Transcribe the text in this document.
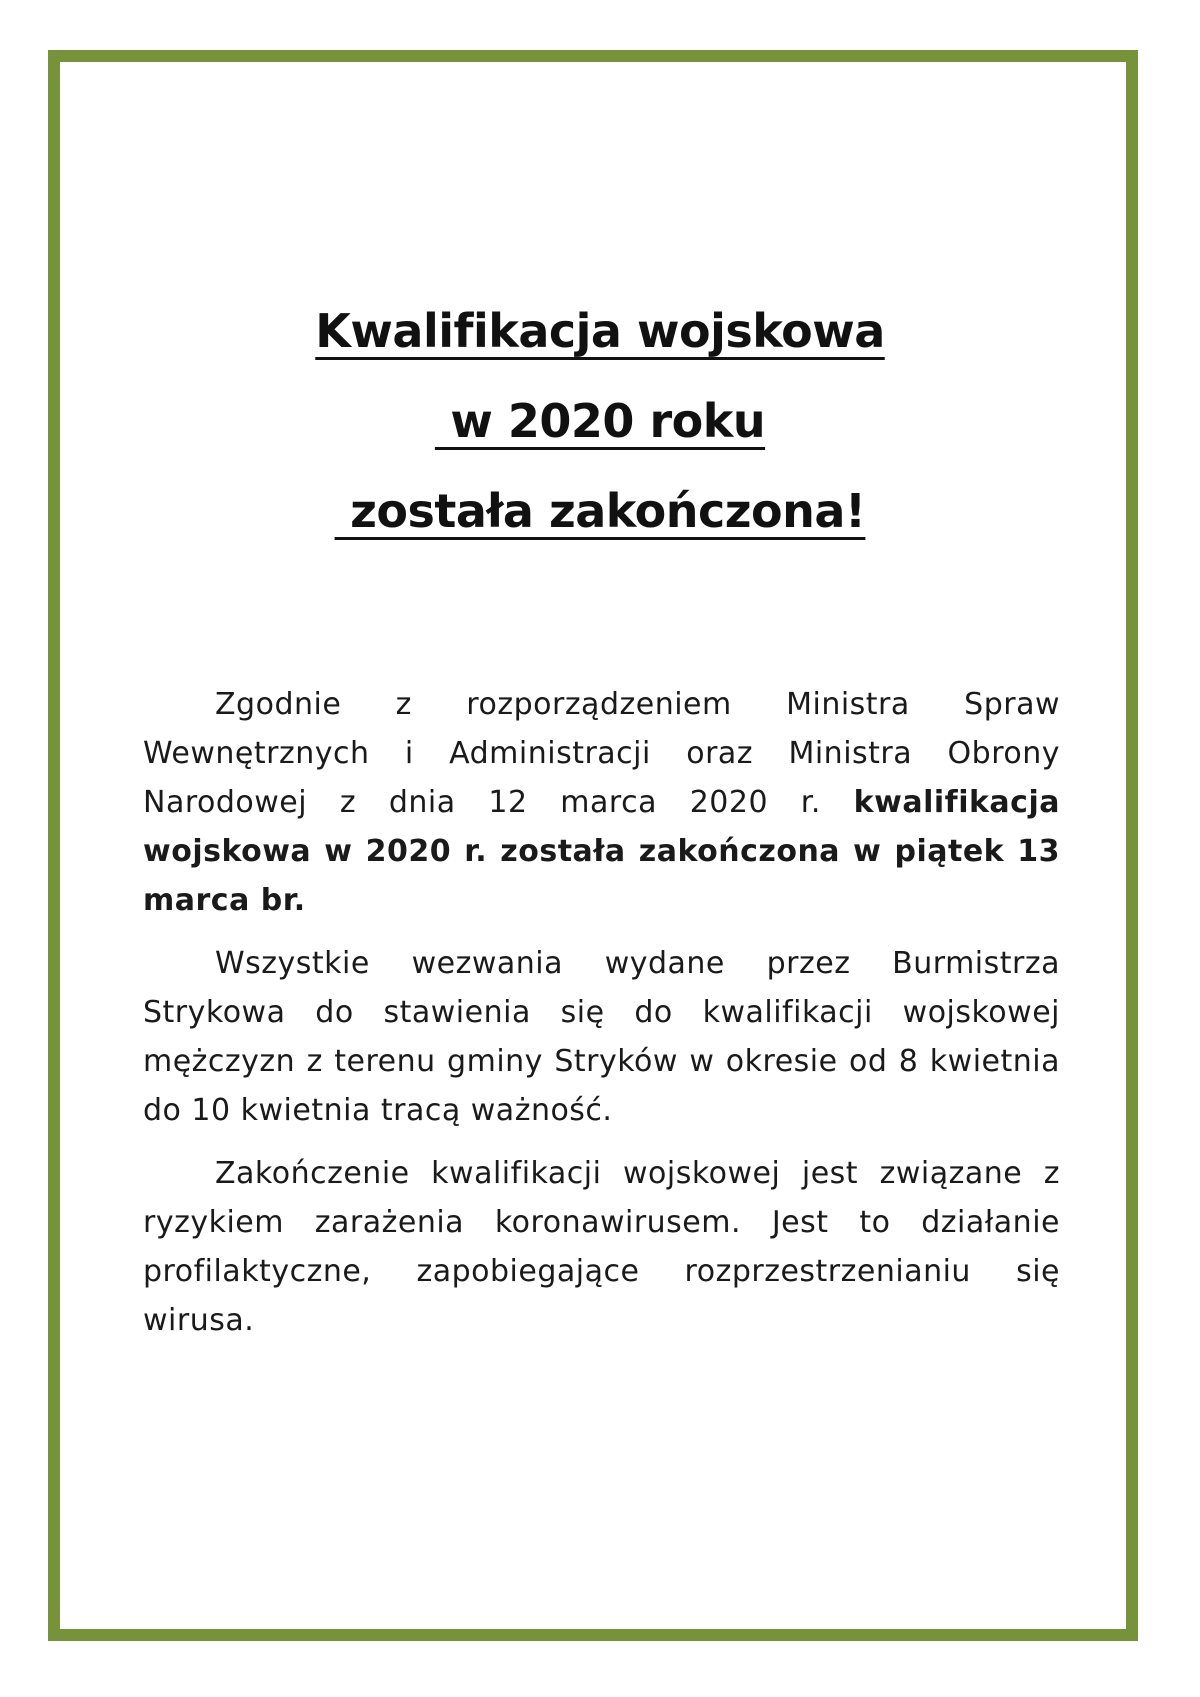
Kwalifikacja wojskowa
w 2020 roku
została zakończona!

Zgodnie z rozporządzeniem Ministra Spraw Wewnętrznych i Administracji oraz Ministra Obrony Narodowej z dnia 12 marca 2020 r. kwalifikacja wojskowa w 2020 r. została zakończona w piątek 13 marca br.

Wszystkie wezwania wydane przez Burmistrza Strykowa do stawienia się do kwalifikacji wojskowej mężczyzn z terenu gminy Stryków w okresie od 8 kwietnia do 10 kwietnia tracą ważność.

Zakończenie kwalifikacji wojskowej jest związane z ryzykiem zarażenia koronawirusem. Jest to działanie profilaktyczne, zapobiegające rozprzestrzenianiu się wirusa.
